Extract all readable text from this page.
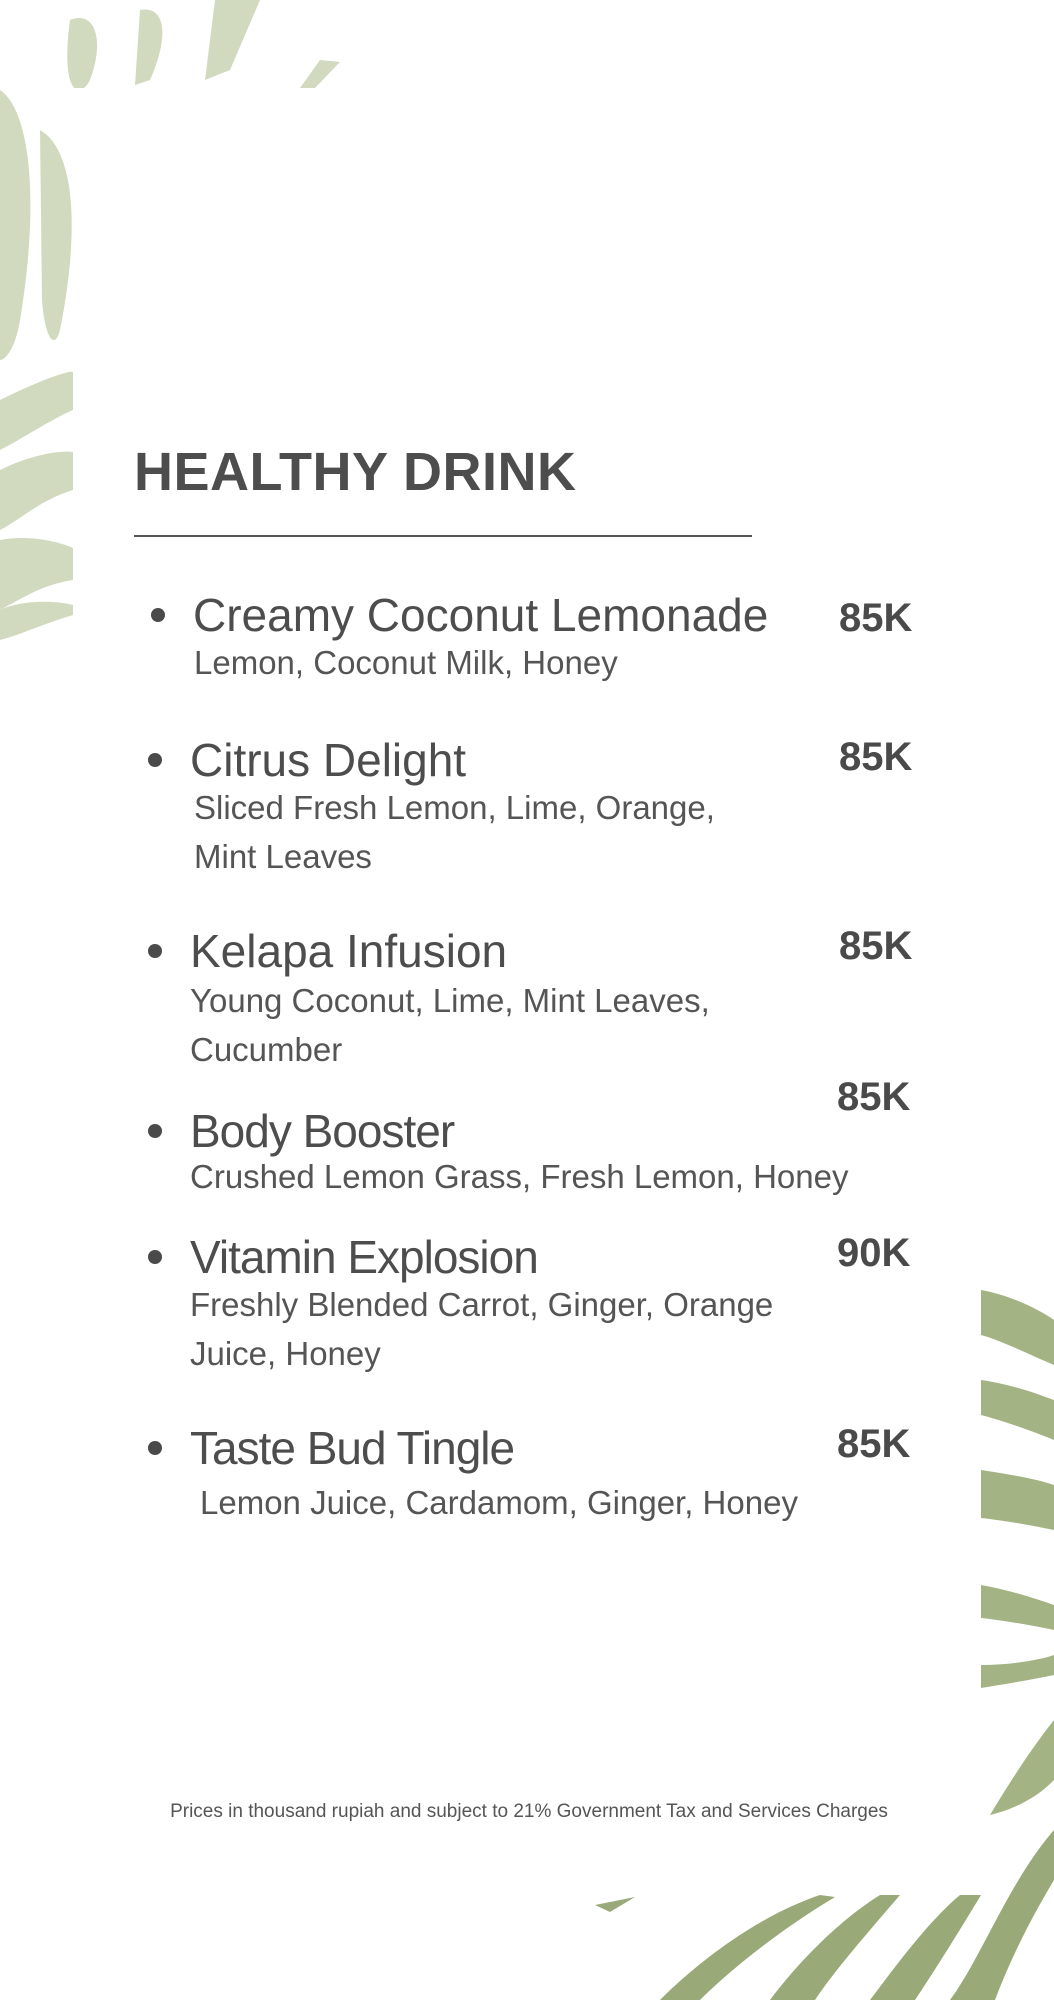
HEALTHY DRINK
Creamy Coconut Lemonade
Lemon, Coconut Milk, Honey
85K
Citrus Delight
Sliced Fresh Lemon, Lime, Orange, Mint Leaves
85K
Kelapa Infusion
Young Coconut, Lime, Mint Leaves, Cucumber
85K
Body Booster
Crushed Lemon Grass, Fresh Lemon, Honey
85K
Vitamin Explosion
Freshly Blended Carrot, Ginger, Orange Juice, Honey
90K
Taste Bud Tingle
Lemon Juice, Cardamom, Ginger, Honey
85K
Prices in thousand rupiah and subject to 21% Government Tax and Services Charges
